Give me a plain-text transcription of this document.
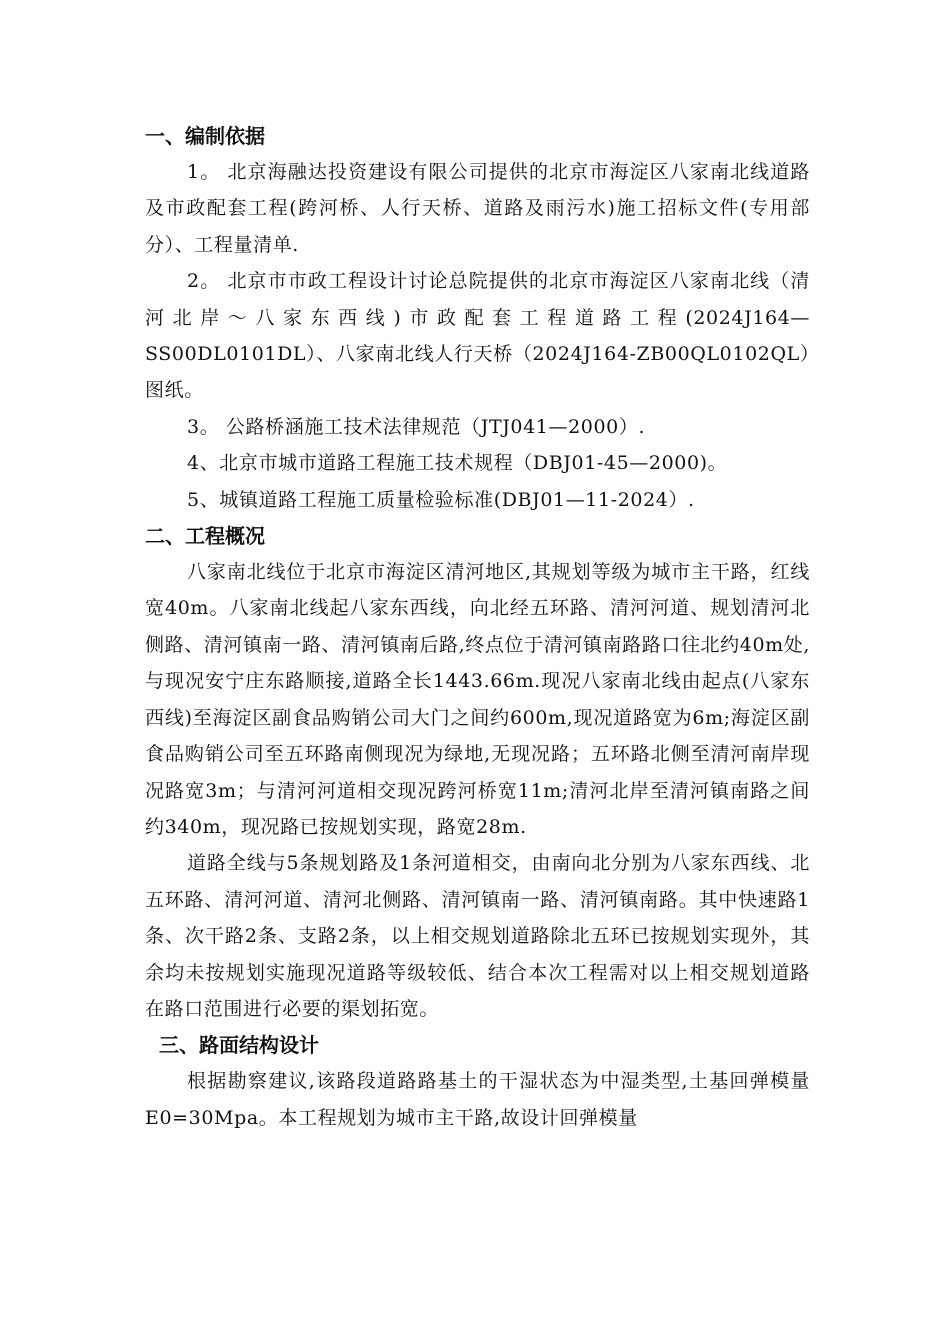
一、编制依据
1。 北京海融达投资建设有限公司提供的北京市海淀区八家南北线道路及市政配套工程(跨河桥、人行天桥、道路及雨污水)施工招标文件(专用部分）、工程量清单.
2。 北京市市政工程设计讨论总院提供的北京市海淀区八家南北线（清河北岸～八家东西线)市政配套工程道路工程(2024J164—SS00DL0101DL）、八家南北线人行天桥（2024J164-ZB00QL0102QL）图纸。
3。 公路桥涵施工技术法律规范（JTJ041—2000）.
4、北京市城市道路工程施工技术规程（DBJ01-45—2000)。
5、城镇道路工程施工质量检验标准(DBJ01—11-2024）.
二、工程概况
八家南北线位于北京市海淀区清河地区,其规划等级为城市主干路，红线宽40m。八家南北线起八家东西线，向北经五环路、清河河道、规划清河北侧路、清河镇南一路、清河镇南后路,终点位于清河镇南路路口往北约40m处,与现况安宁庄东路顺接,道路全长1443.66m.现况八家南北线由起点(八家东西线)至海淀区副食品购销公司大门之间约600m,现况道路宽为6m;海淀区副食品购销公司至五环路南侧现况为绿地,无现况路；五环路北侧至清河南岸现况路宽3m；与清河河道相交现况跨河桥宽11m;清河北岸至清河镇南路之间约340m，现况路已按规划实现，路宽28m.
道路全线与5条规划路及1条河道相交，由南向北分别为八家东西线、北五环路、清河河道、清河北侧路、清河镇南一路、清河镇南路。其中快速路1条、次干路2条、支路2条，以上相交规划道路除北五环已按规划实现外，其余均未按规划实施现况道路等级较低、结合本次工程需对以上相交规划道路在路口范围进行必要的渠划拓宽。
三、路面结构设计
根据勘察建议,该路段道路路基土的干湿状态为中湿类型,土基回弹模量E0=30Mpa。本工程规划为城市主干路,故设计回弹模量
